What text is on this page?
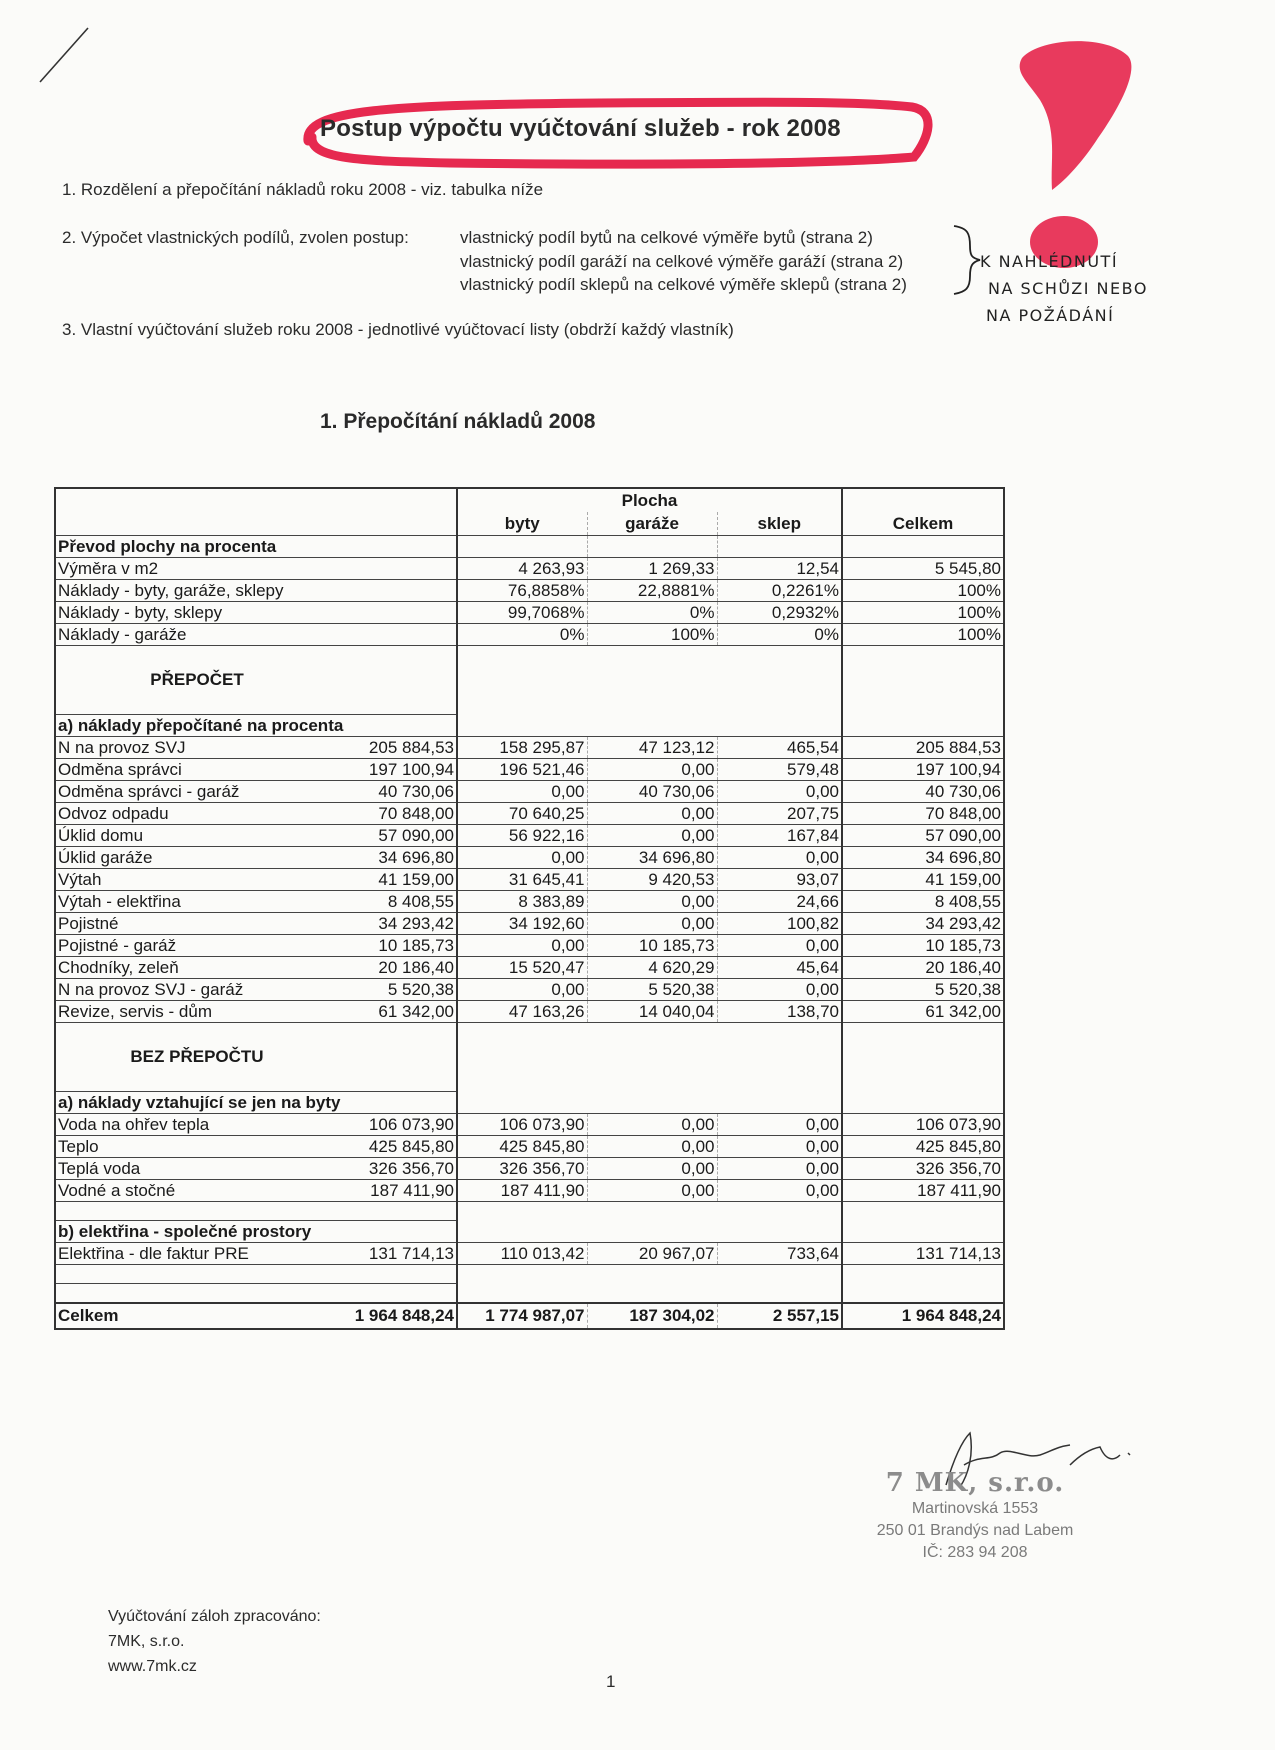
Postup výpočtu vyúčtování služeb - rok 2008
1. Rozdělení a přepočítání nákladů roku 2008 - viz. tabulka níže
2. Výpočet vlastnických podílů, zvolen postup:	vlastnický podíl bytů na celkové výměře bytů (strana 2)
vlastnický podíl garáží na celkové výměře garáží (strana 2)
vlastnický podíl sklepů na celkové výměře sklepů (strana 2)
3. Vlastní vyúčtování služeb roku 2008 - jednotlivé vyúčtovací listy (obdrží každý vlastník)
K NAHLÉDNUTÍ
NA SCHŮZI NEBO
NA POŽÁDÁNÍ
1. Přepočítání nákladů 2008
		Plocha			
		byty	garáže	sklep	Celkem
Převod plochy na procenta					
Výměra v m2		4 263,93	1 269,33	12,54	5 545,80
Náklady - byty, garáže, sklepy		76,8858%	22,8881%	0,2261%	100%
Náklady - byty, sklepy		99,7068%	0%	0,2932%	100%
Náklady - garáže		0%	100%	0%	100%
PŘEPOČET					
a) náklady přepočítané na procenta					
N na provoz SVJ	205 884,53	158 295,87	47 123,12	465,54	205 884,53
Odměna správci	197 100,94	196 521,46	0,00	579,48	197 100,94
Odměna správci - garáž	40 730,06	0,00	40 730,06	0,00	40 730,06
Odvoz odpadu	70 848,00	70 640,25	0,00	207,75	70 848,00
Úklid domu	57 090,00	56 922,16	0,00	167,84	57 090,00
Úklid garáže	34 696,80	0,00	34 696,80	0,00	34 696,80
Výtah	41 159,00	31 645,41	9 420,53	93,07	41 159,00
Výtah - elektřina	8 408,55	8 383,89	0,00	24,66	8 408,55
Pojistné	34 293,42	34 192,60	0,00	100,82	34 293,42
Pojistné - garáž	10 185,73	0,00	10 185,73	0,00	10 185,73
Chodníky, zeleň	20 186,40	15 520,47	4 620,29	45,64	20 186,40
N na provoz SVJ - garáž	5 520,38	0,00	5 520,38	0,00	5 520,38
Revize, servis - dům	61 342,00	47 163,26	14 040,04	138,70	61 342,00
BEZ PŘEPOČTU					
a) náklady vztahující se jen na byty					
Voda na ohřev tepla	106 073,90	106 073,90	0,00	0,00	106 073,90
Teplo	425 845,80	425 845,80	0,00	0,00	425 845,80
Teplá voda	326 356,70	326 356,70	0,00	0,00	326 356,70
Vodné a stočné	187 411,90	187 411,90	0,00	0,00	187 411,90

b) elektřina - společné prostory					
Elektřina - dle faktur PRE	131 714,13	110 013,42	20 967,07	733,64	131 714,13

Celkem	1 964 848,24	1 774 987,07	187 304,02	2 557,15	1 964 848,24
7 MK, s.r.o.
Martinovská 1553
250 01 Brandýs nad Labem
IČ: 283 94 208
Vyúčtování záloh zpracováno:
7MK, s.r.o.
www.7mk.cz
1
